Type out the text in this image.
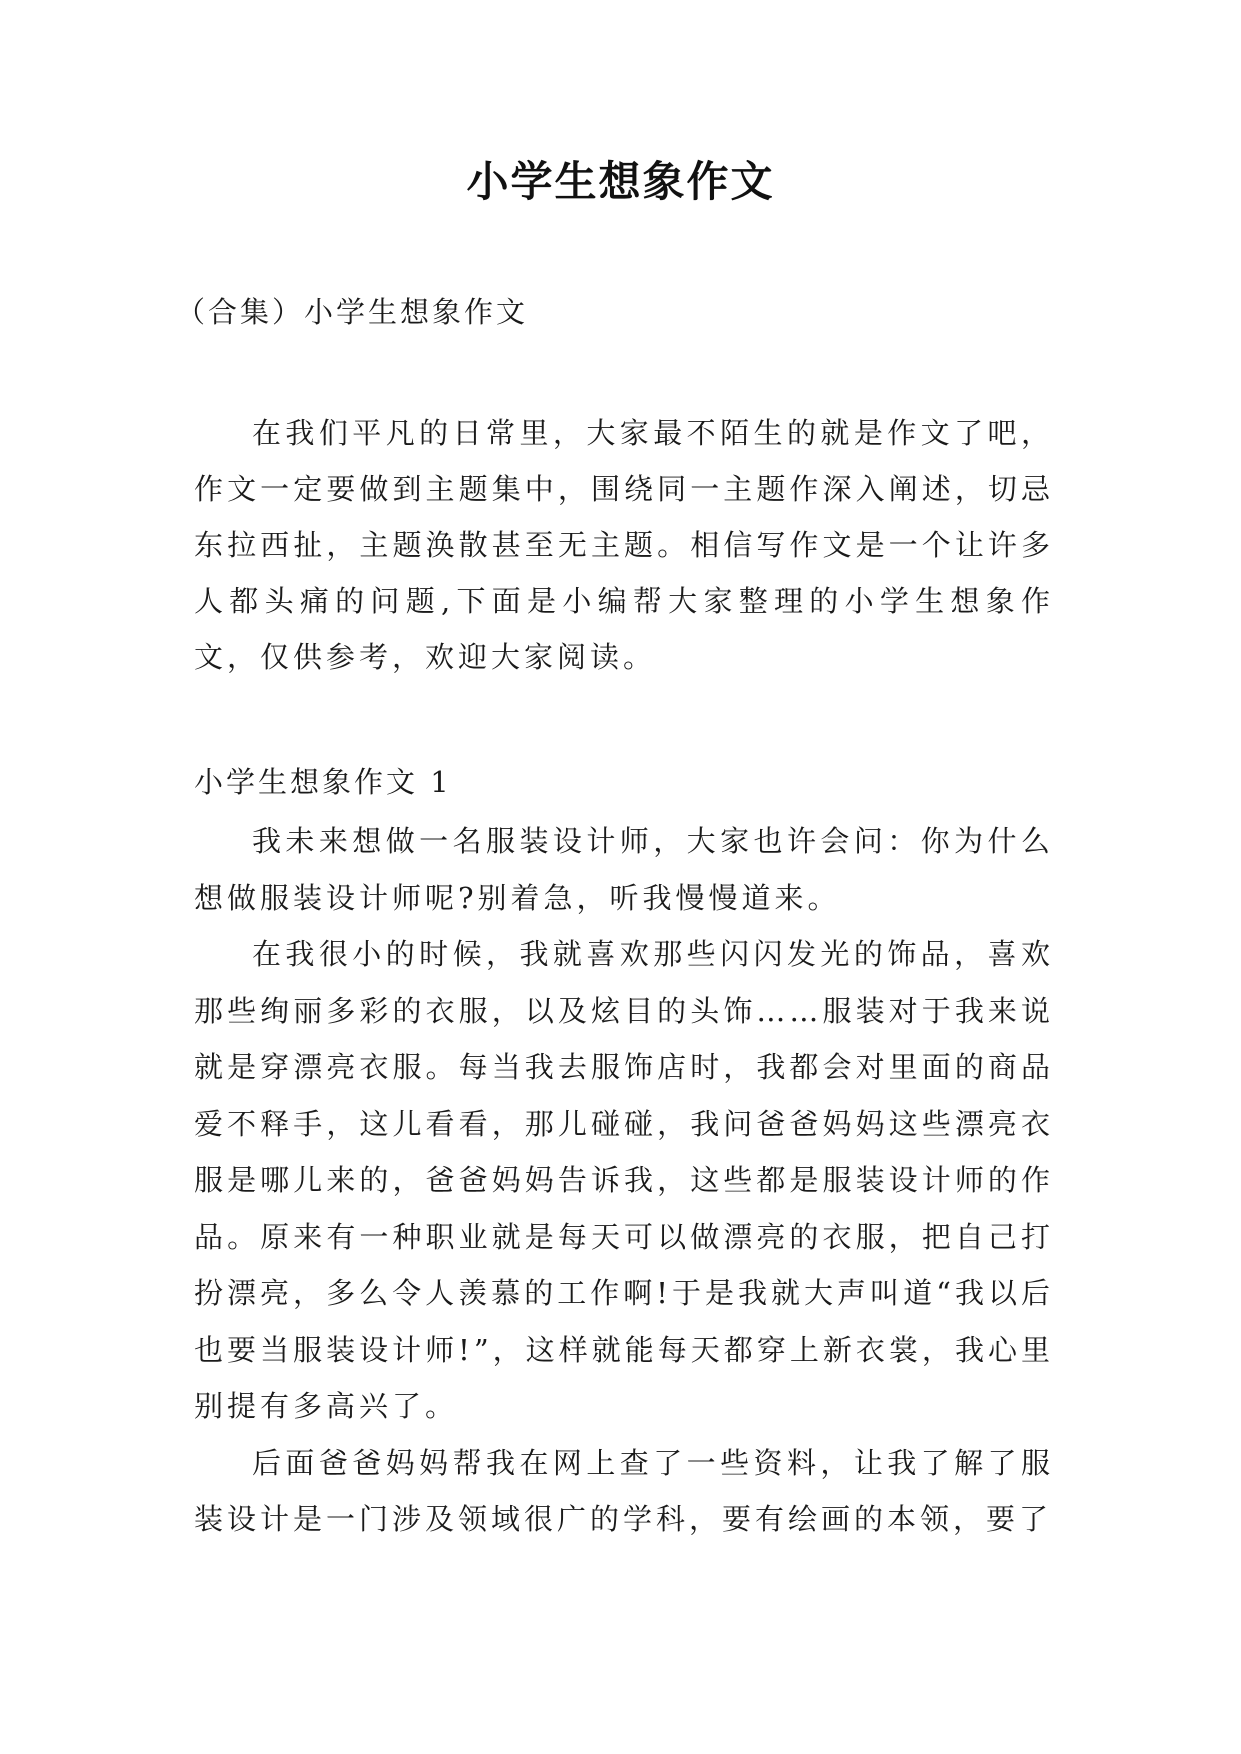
小学生想象作文
（合集）小学生想象作文

在我们平凡的日常里，大家最不陌生的就是作文了吧，作文一定要做到主题集中，围绕同一主题作深入阐述，切忌东拉西扯，主题涣散甚至无主题。相信写作文是一个让许多人都头痛的问题,下面是小编帮大家整理的小学生想象作文，仅供参考，欢迎大家阅读。

小学生想象作文 1

我未来想做一名服装设计师，大家也许会问：你为什么想做服装设计师呢?别着急，听我慢慢道来。

在我很小的时候，我就喜欢那些闪闪发光的饰品，喜欢那些绚丽多彩的衣服，以及炫目的头饰……服装对于我来说就是穿漂亮衣服。每当我去服饰店时，我都会对里面的商品爱不释手，这儿看看，那儿碰碰，我问爸爸妈妈这些漂亮衣服是哪儿来的，爸爸妈妈告诉我，这些都是服装设计师的作品。原来有一种职业就是每天可以做漂亮的衣服，把自己打扮漂亮，多么令人羡慕的工作啊!于是我就大声叫道“我以后也要当服装设计师!”，这样就能每天都穿上新衣裳，我心里别提有多高兴了。

后面爸爸妈妈帮我在网上查了一些资料，让我了解了服装设计是一门涉及领域很广的学科，要有绘画的本领，要了
